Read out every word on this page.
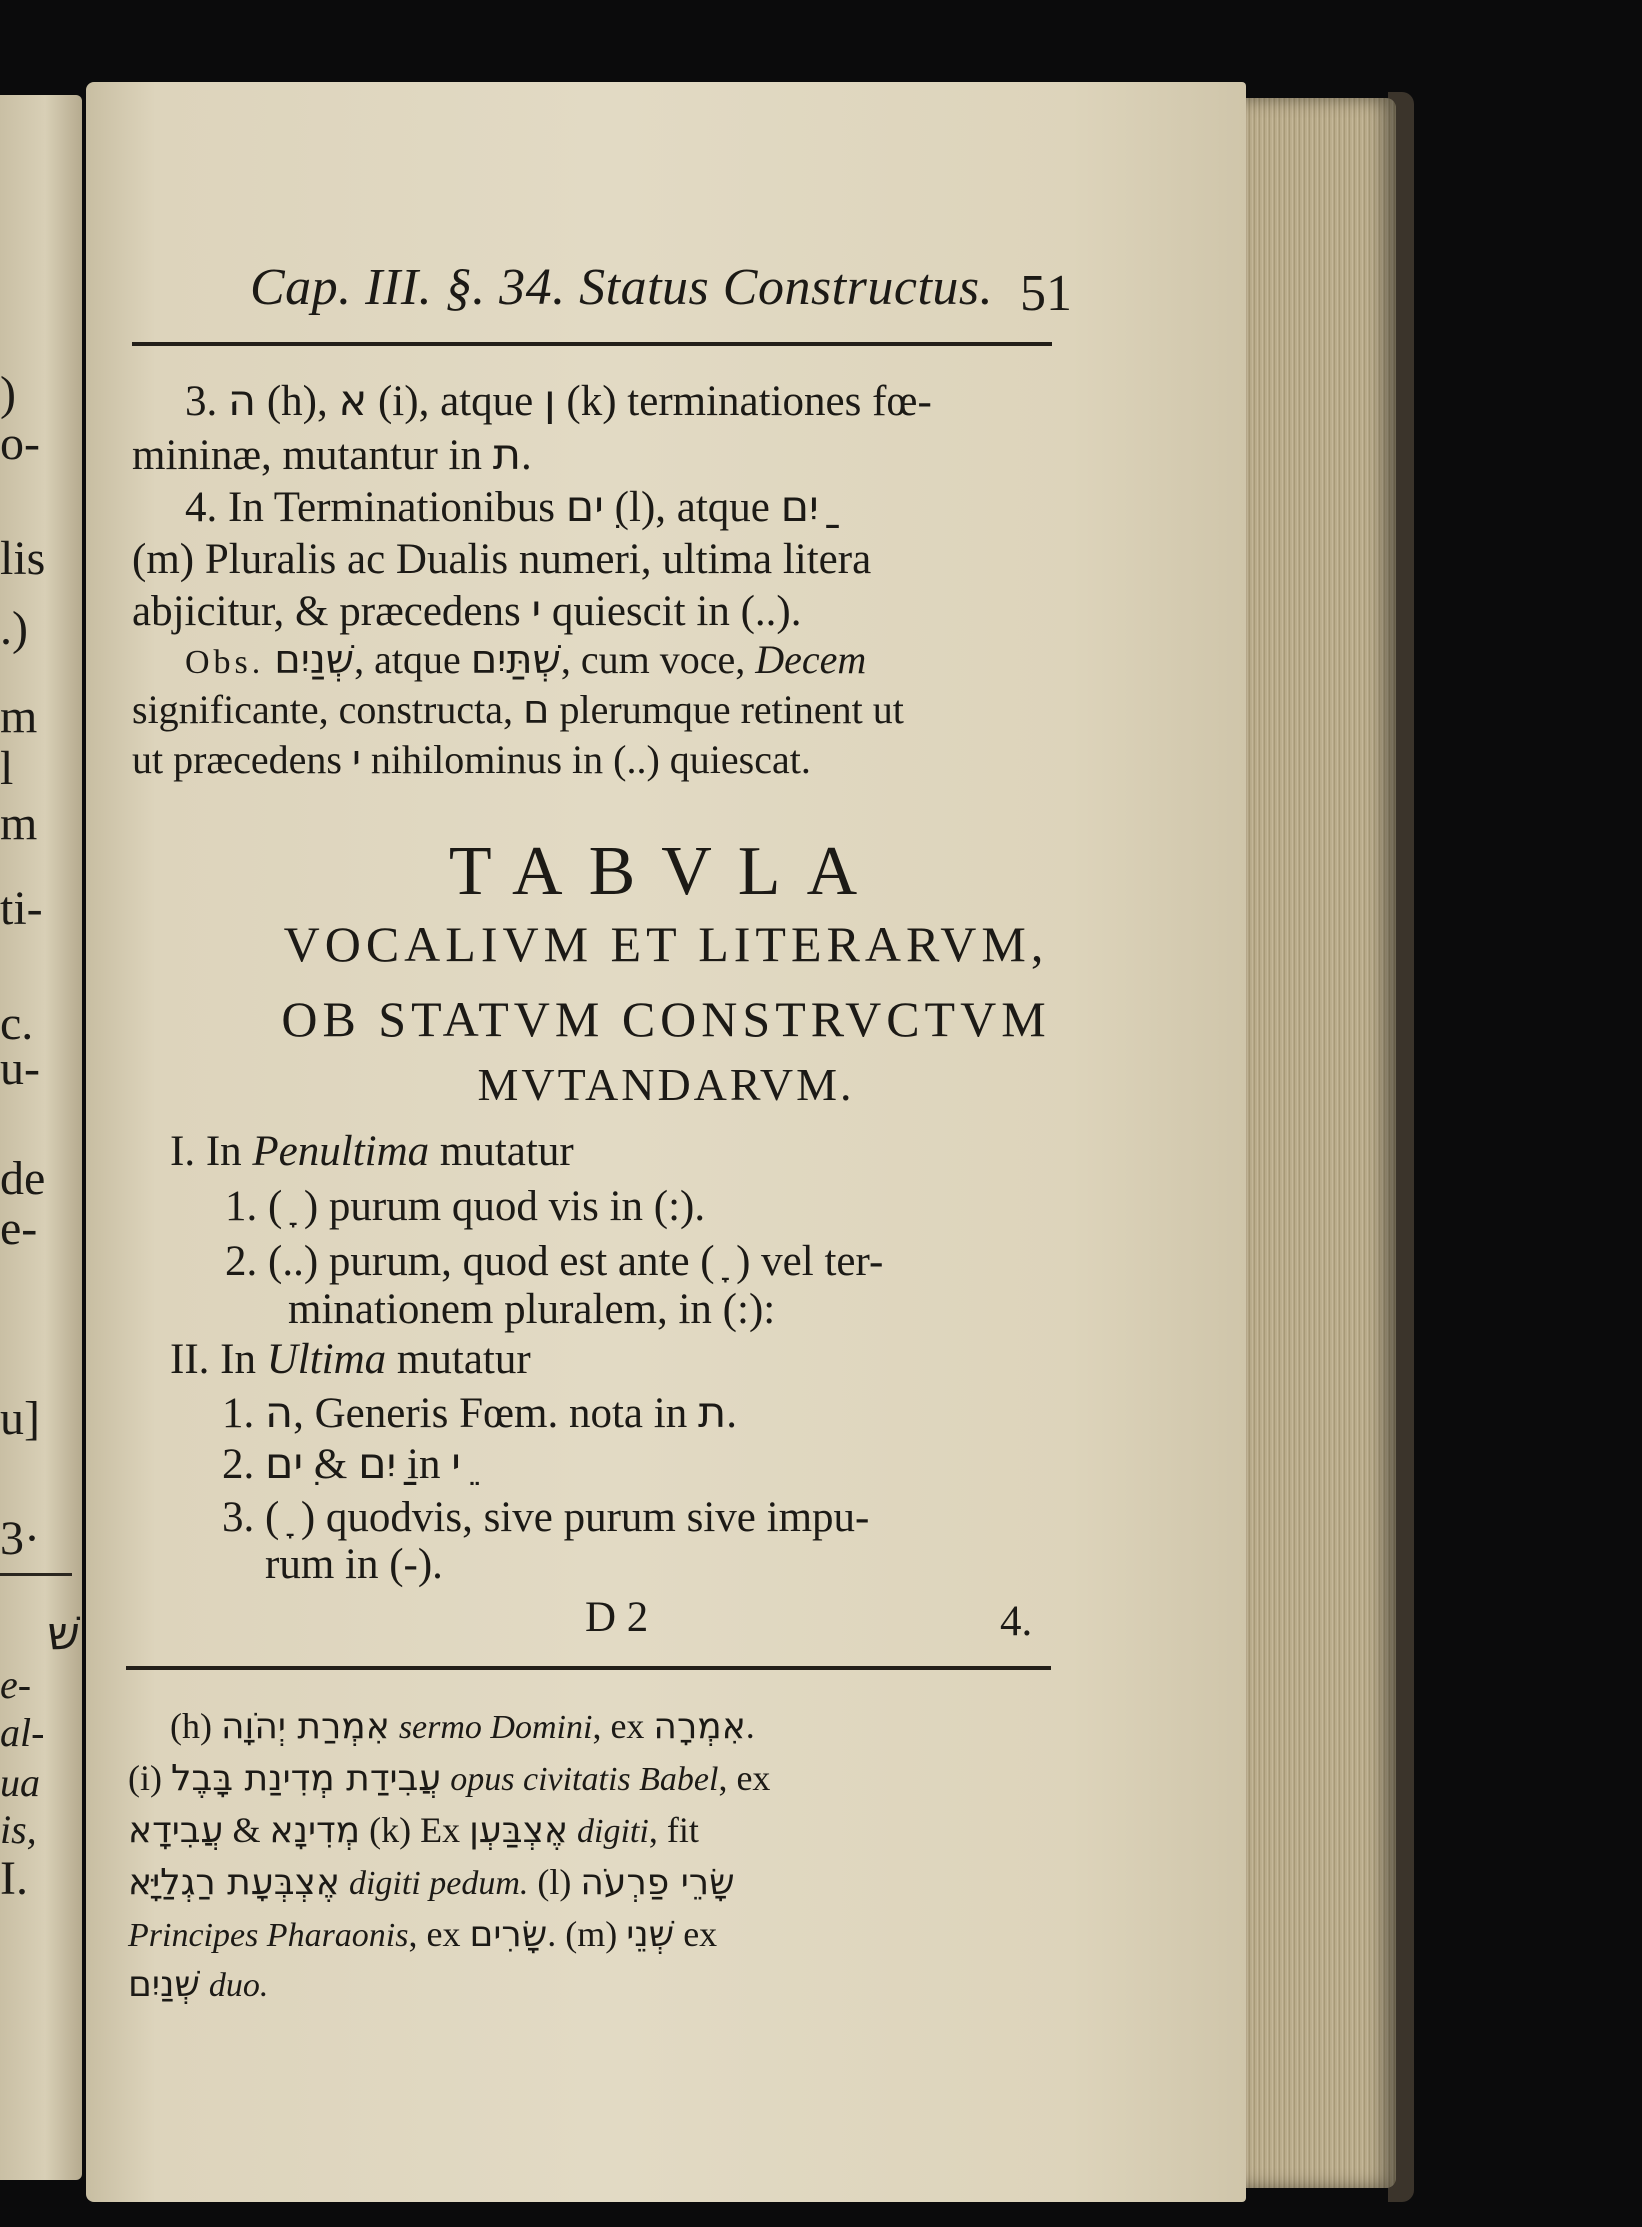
)
o-
lis
.)
m
l
m
ti-
c.
u-
de
e-
u]
3·
שׁ
e-
al-
ua
is,
I.
Cap. III. §. 34. Status Constructus. 51
3. ה (h), א (i), atque ן (k) terminationes fœ-
mininæ, mutantur in ת.
4. In Terminationibus ִים (l), atque ַיִם
(m) Pluralis ac Dualis numeri, ultima litera
abjicitur, & præcedens י quiescit in (..).
Obs. שְׁנַיִם, atque שְׁתַּיִם, cum voce, Decem
significante, constructa, ם plerumque retinent ut
ut præcedens י nihilominus in (..) quiescat.
TABVLA
VOCALIVM ET LITERARVM,
OB STATVM CONSTRVCTVM
MVTANDARVM.
I. In Penultima mutatur
1. ( ָ ) purum quod vis in (:).
2. (..) purum, quod est ante ( ָ ) vel ter-
minationem pluralem, in (:):
II. In Ultima mutatur
1. ה, Generis Fœm. nota in ת.
2. ִים & ַיִם in ֵי
3. ( ָ ) quodvis, sive purum sive impu-
rum in (-).
D 2	4.
(h) אִמְרַת יְהֹוָה sermo Domini, ex אִמְרָה.
(i) עֲבִידַת מְדִינַת בָּבֶל opus civitatis Babel, ex
עֲבִידָא & מְדִינָא (k) Ex אֶצְבַּעְן digiti, fit
אֶצְבְּעָת רַגְלַיָּא digiti pedum. (l) שָׂרֵי פַרְעֹה
Principes Pharaonis, ex שָׂרִים. (m) שְׁנֵי ex
שְׁנַיִם duo.
